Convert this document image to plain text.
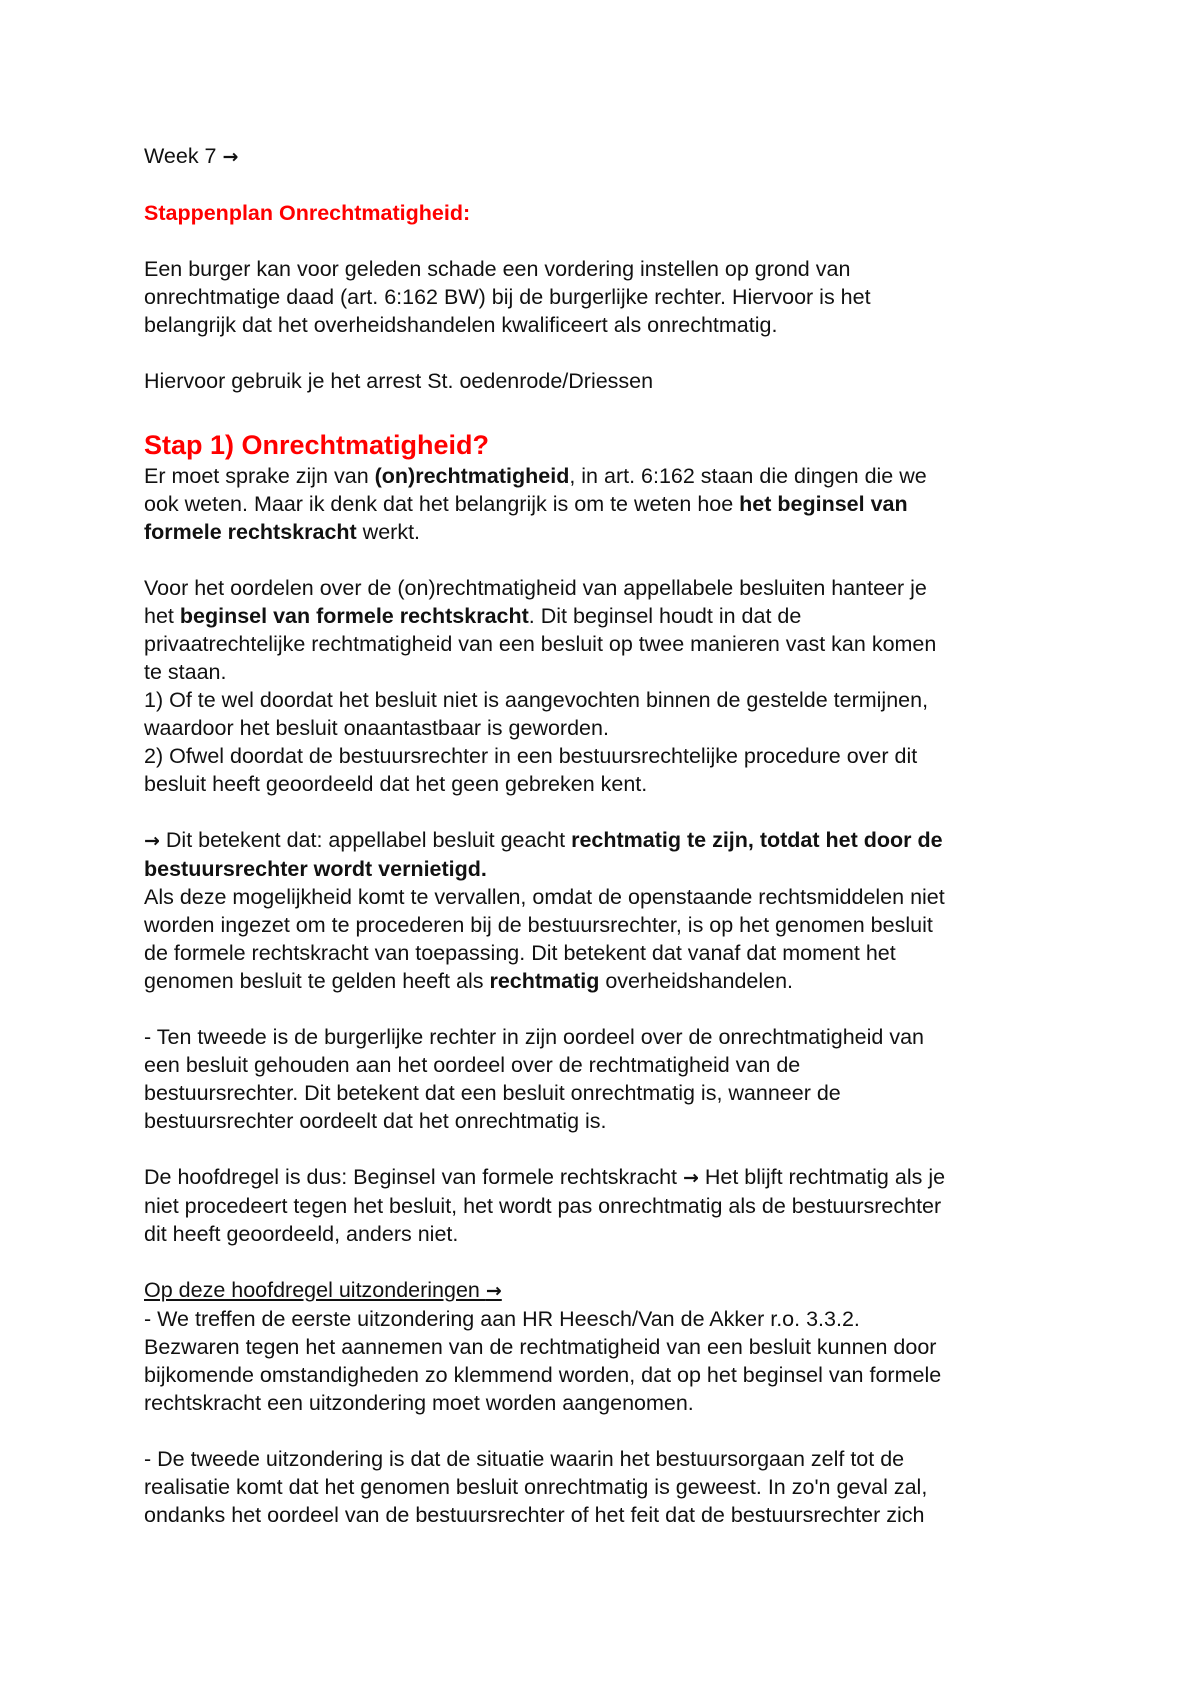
Week 7 →

Stappenplan Onrechtmatigheid:

Een burger kan voor geleden schade een vordering instellen op grond van

onrechtmatige daad (art. 6:162 BW) bij de burgerlijke rechter. Hiervoor is het

belangrijk dat het overheidshandelen kwalificeert als onrechtmatig.

Hiervoor gebruik je het arrest St. oedenrode/Driessen

Stap 1) Onrechtmatigheid?

Er moet sprake zijn van (on)rechtmatigheid, in art. 6:162 staan die dingen die we

ook weten. Maar ik denk dat het belangrijk is om te weten hoe het beginsel van

formele rechtskracht werkt.

Voor het oordelen over de (on)rechtmatigheid van appellabele besluiten hanteer je

het beginsel van formele rechtskracht. Dit beginsel houdt in dat de

privaatrechtelijke rechtmatigheid van een besluit op twee manieren vast kan komen

te staan.

1) Of te wel doordat het besluit niet is aangevochten binnen de gestelde termijnen,

waardoor het besluit onaantastbaar is geworden.

2) Ofwel doordat de bestuursrechter in een bestuursrechtelijke procedure over dit

besluit heeft geoordeeld dat het geen gebreken kent.

→ Dit betekent dat: appellabel besluit geacht rechtmatig te zijn, totdat het door de

bestuursrechter wordt vernietigd.

Als deze mogelijkheid komt te vervallen, omdat de openstaande rechtsmiddelen niet

worden ingezet om te procederen bij de bestuursrechter, is op het genomen besluit

de formele rechtskracht van toepassing. Dit betekent dat vanaf dat moment het

genomen besluit te gelden heeft als rechtmatig overheidshandelen.

- Ten tweede is de burgerlijke rechter in zijn oordeel over de onrechtmatigheid van

een besluit gehouden aan het oordeel over de rechtmatigheid van de

bestuursrechter. Dit betekent dat een besluit onrechtmatig is, wanneer de

bestuursrechter oordeelt dat het onrechtmatig is.

De hoofdregel is dus: Beginsel van formele rechtskracht → Het blijft rechtmatig als je

niet procedeert tegen het besluit, het wordt pas onrechtmatig als de bestuursrechter

dit heeft geoordeeld, anders niet.

Op deze hoofdregel uitzonderingen →

- We treffen de eerste uitzondering aan HR Heesch/Van de Akker r.o. 3.3.2.

Bezwaren tegen het aannemen van de rechtmatigheid van een besluit kunnen door

bijkomende omstandigheden zo klemmend worden, dat op het beginsel van formele

rechtskracht een uitzondering moet worden aangenomen.

- De tweede uitzondering is dat de situatie waarin het bestuursorgaan zelf tot de

realisatie komt dat het genomen besluit onrechtmatig is geweest. In zo'n geval zal,

ondanks het oordeel van de bestuursrechter of het feit dat de bestuursrechter zich
